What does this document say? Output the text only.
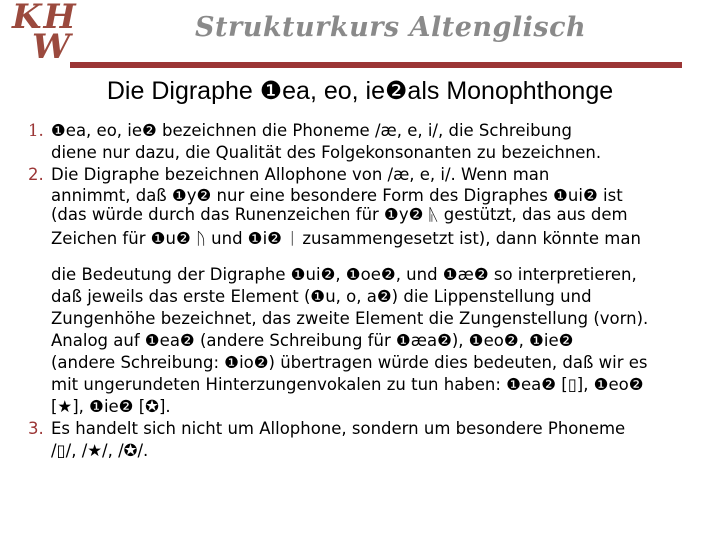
KH
W	Strukturkurs Altenglisch
Die Digraphe ❶ea, eo, ie❷als Monophthonge
1. ❶ea, eo, ie❷ bezeichnen die Phoneme /æ, e, i/, die Schreibung
diene nur dazu, die Qualität des Folgekonsonanten zu bezeichnen.
2. Die Digraphe bezeichnen Allophone von /æ, e, i/. Wenn man
annimmt, daß ❶y❷ nur eine besondere Form des Digraphes ❶ui❷ ist
(das würde durch das Runenzeichen für ❶y❷ ᚣ gestützt, das aus dem
Zeichen für ❶u❷ ᚢ und ❶i❷ ᛁ zusammengesetzt ist), dann könnte man
die Bedeutung der Digraphe ❶ui❷, ❶oe❷, und ❶æ❷ so interpretieren,
daß jeweils das erste Element (❶u, o, a❷) die Lippenstellung und
Zungenhöhe bezeichnet, das zweite Element die Zungenstellung (vorn).
Analog auf ❶ea❷ (andere Schreibung für ❶æa❷), ❶eo❷, ❶ie❷
(andere Schreibung: ❶io❷) übertragen würde dies bedeuten, daß wir es
mit ungerundeten Hinterzungenvokalen zu tun haben: ❶ea❷ [▯], ❶eo❷
[★], ❶ie❷ [✪].
3. Es handelt sich nicht um Allophone, sondern um besondere Phoneme
/▯/, /★/, /✪/.
